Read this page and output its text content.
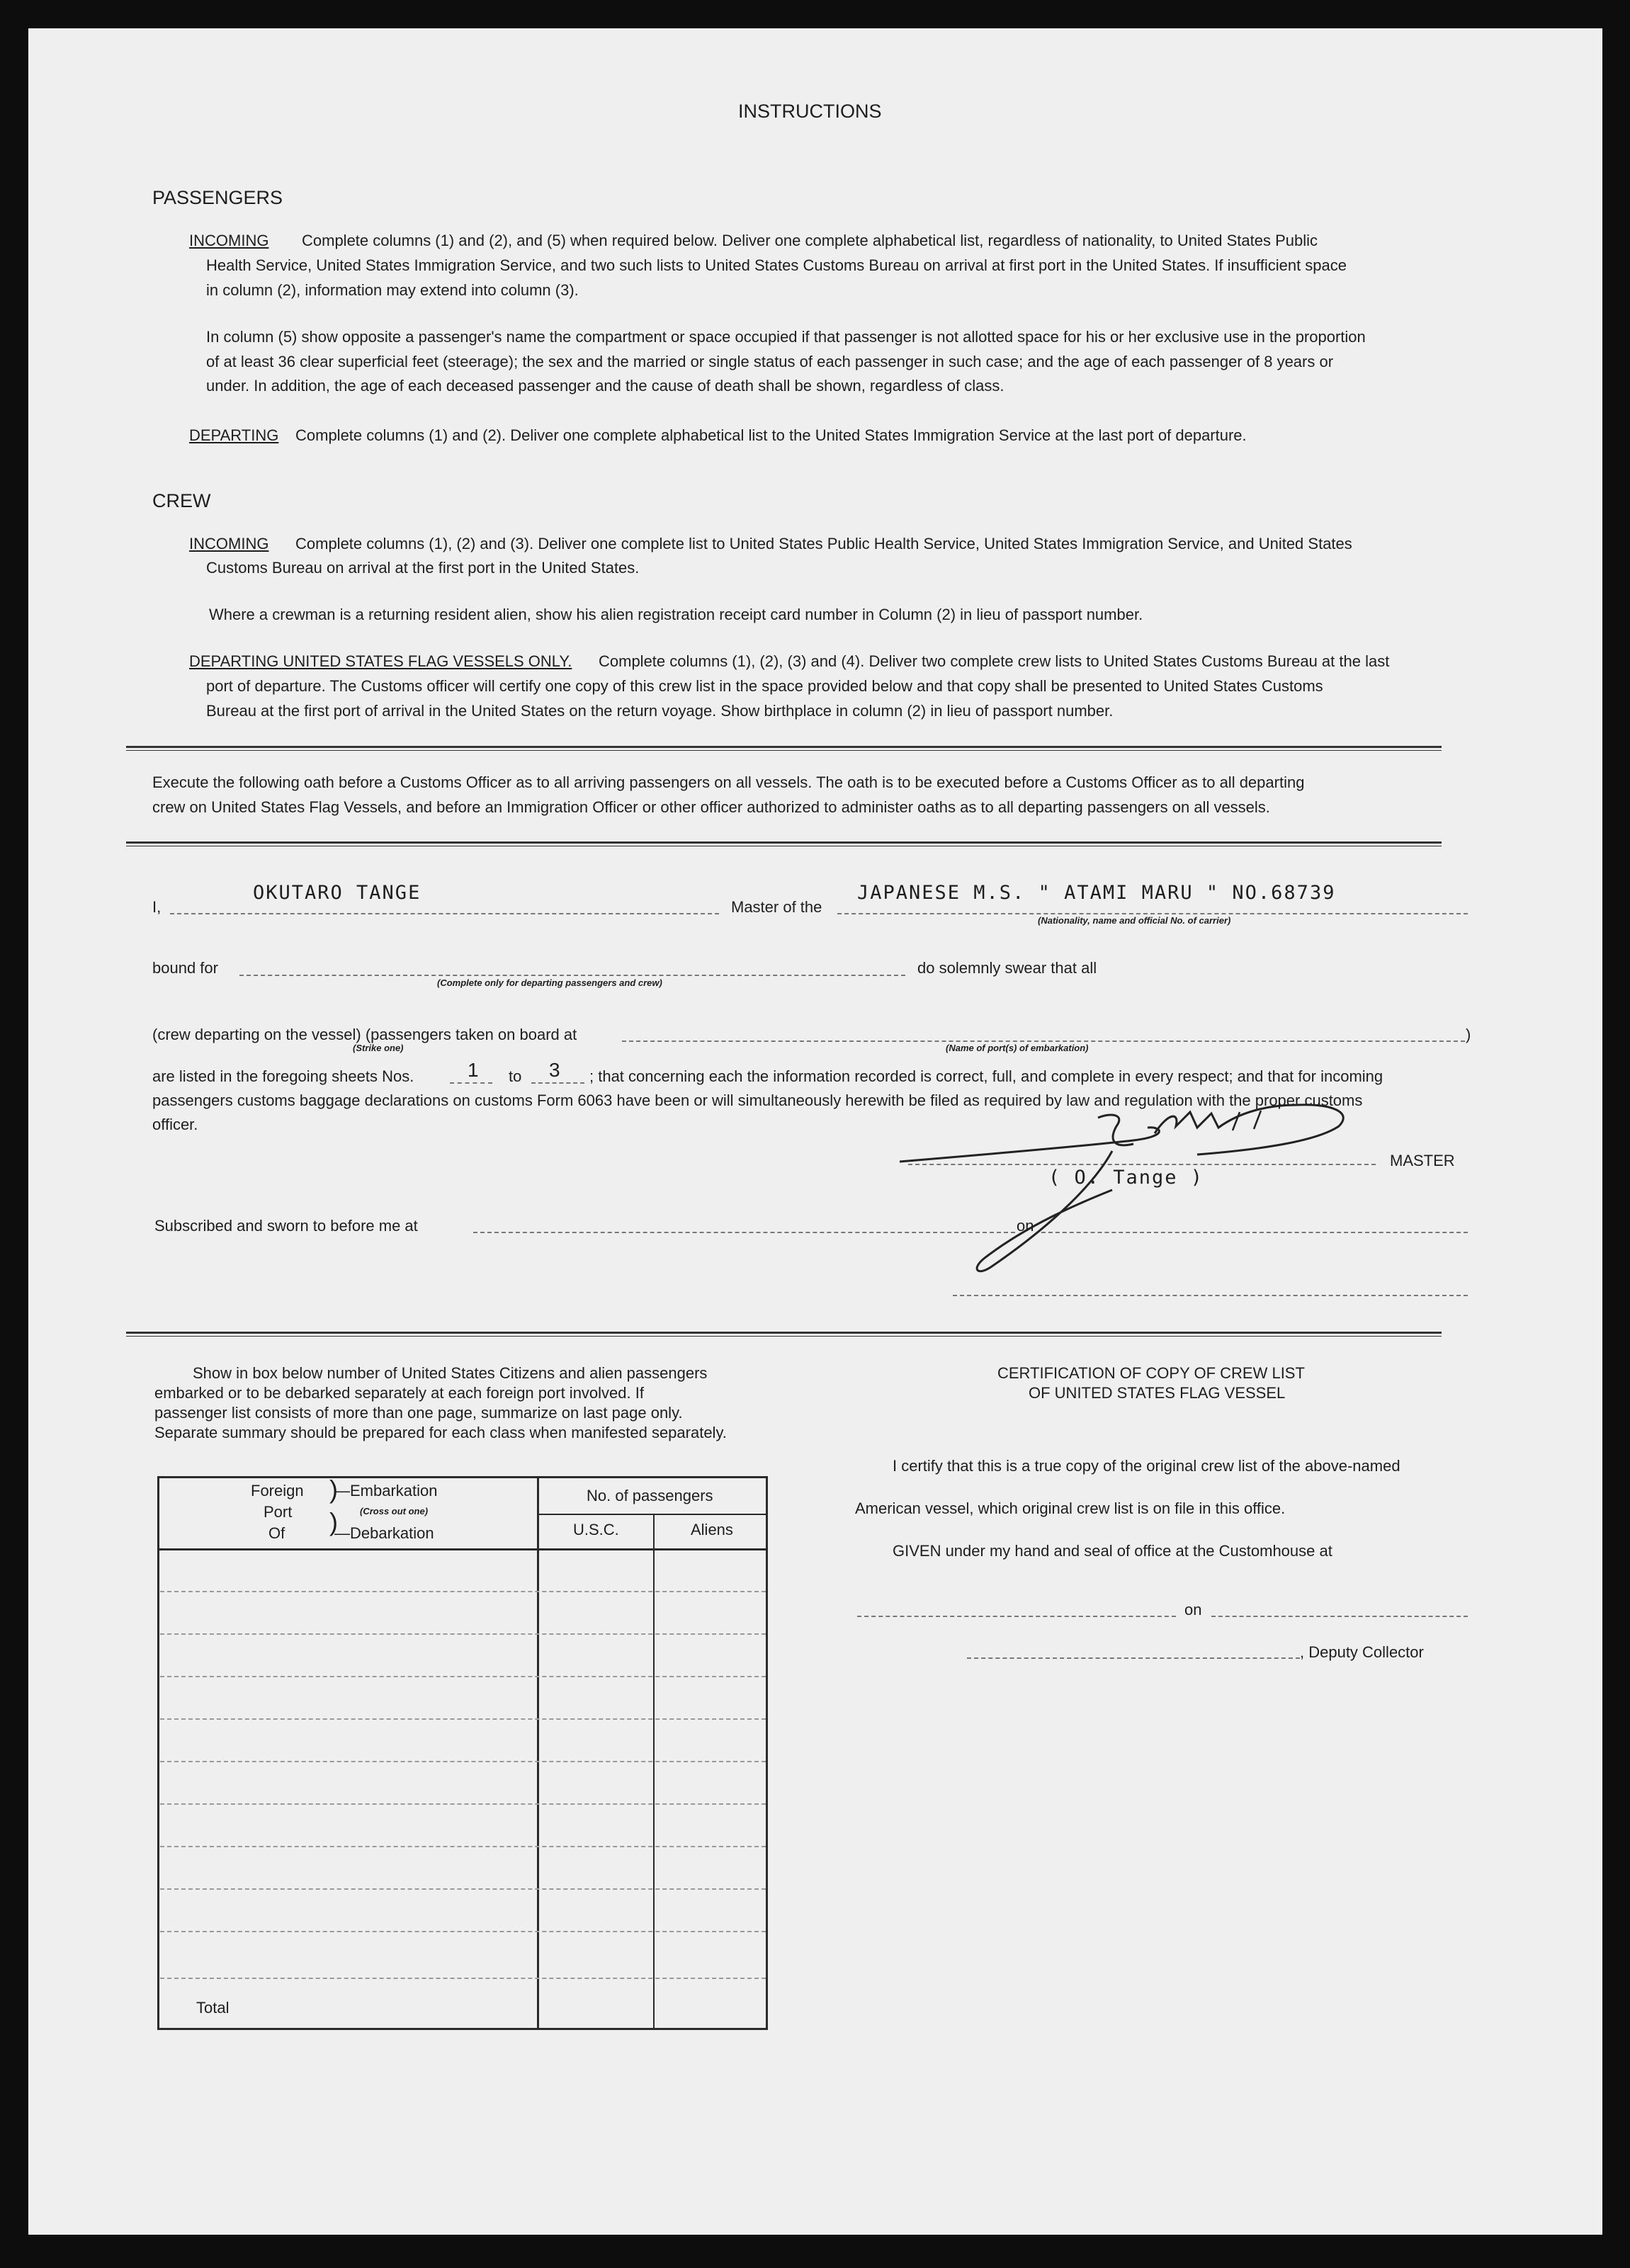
INSTRUCTIONS
PASSENGERS
INCOMING Complete columns (1) and (2), and (5) when required below. Deliver one complete alphabetical list, regardless of nationality, to United States Public
Health Service, United States Immigration Service, and two such lists to United States Customs Bureau on arrival at first port in the United States. If insufficient space
in column (2), information may extend into column (3).
In column (5) show opposite a passenger's name the compartment or space occupied if that passenger is not allotted space for his or her exclusive use in the proportion
of at least 36 clear superficial feet (steerage); the sex and the married or single status of each passenger in such case; and the age of each passenger of 8 years or
under. In addition, the age of each deceased passenger and the cause of death shall be shown, regardless of class.
DEPARTING Complete columns (1) and (2). Deliver one complete alphabetical list to the United States Immigration Service at the last port of departure.
CREW
INCOMING Complete columns (1), (2) and (3). Deliver one complete list to United States Public Health Service, United States Immigration Service, and United States
Customs Bureau on arrival at the first port in the United States.
Where a crewman is a returning resident alien, show his alien registration receipt card number in Column (2) in lieu of passport number.
DEPARTING UNITED STATES FLAG VESSELS ONLY. Complete columns (1), (2), (3) and (4). Deliver two complete crew lists to United States Customs Bureau at the last
port of departure. The Customs officer will certify one copy of this crew list in the space provided below and that copy shall be presented to United States Customs
Bureau at the first port of arrival in the United States on the return voyage. Show birthplace in column (2) in lieu of passport number.
Execute the following oath before a Customs Officer as to all arriving passengers on all vessels. The oath is to be executed before a Customs Officer as to all departing
crew on United States Flag Vessels, and before an Immigration Officer or other officer authorized to administer oaths as to all departing passengers on all vessels.
I,
OKUTARO TANGE
Master of the
JAPANESE M.S. " ATAMI MARU " NO.68739
(Nationality, name and official No. of carrier)
bound for
(Complete only for departing passengers and crew)
do solemnly swear that all
(crew departing on the vessel) (passengers taken on board at	)
(Strike one)	(Name of port(s) of embarkation)
are listed in the foregoing sheets Nos.	1 to 3 ; that concerning each the information recorded is correct, full, and complete in every respect; and that for incoming
passengers customs baggage declarations on customs Form 6063 have been or will simultaneously herewith be filed as required by law and regulation with the proper customs
officer.
MASTER
( O. Tange )
Subscribed and sworn to before me at	on
Show in box below number of United States Citizens and alien passengers
embarked or to be debarked separately at each foreign port involved. If
passenger list consists of more than one page, summarize on last page only.
Separate summary should be prepared for each class when manifested separately.
Foreign
Port
Of
)
)
—Embarkation
(Cross out one)
—Debarkation
No. of passengers
U.S.C.	Aliens
Total
CERTIFICATION OF COPY OF CREW LIST
OF UNITED STATES FLAG VESSEL
I certify that this is a true copy of the original crew list of the above-named
American vessel, which original crew list is on file in this office.
GIVEN under my hand and seal of office at the Customhouse at
on
, Deputy Collector
